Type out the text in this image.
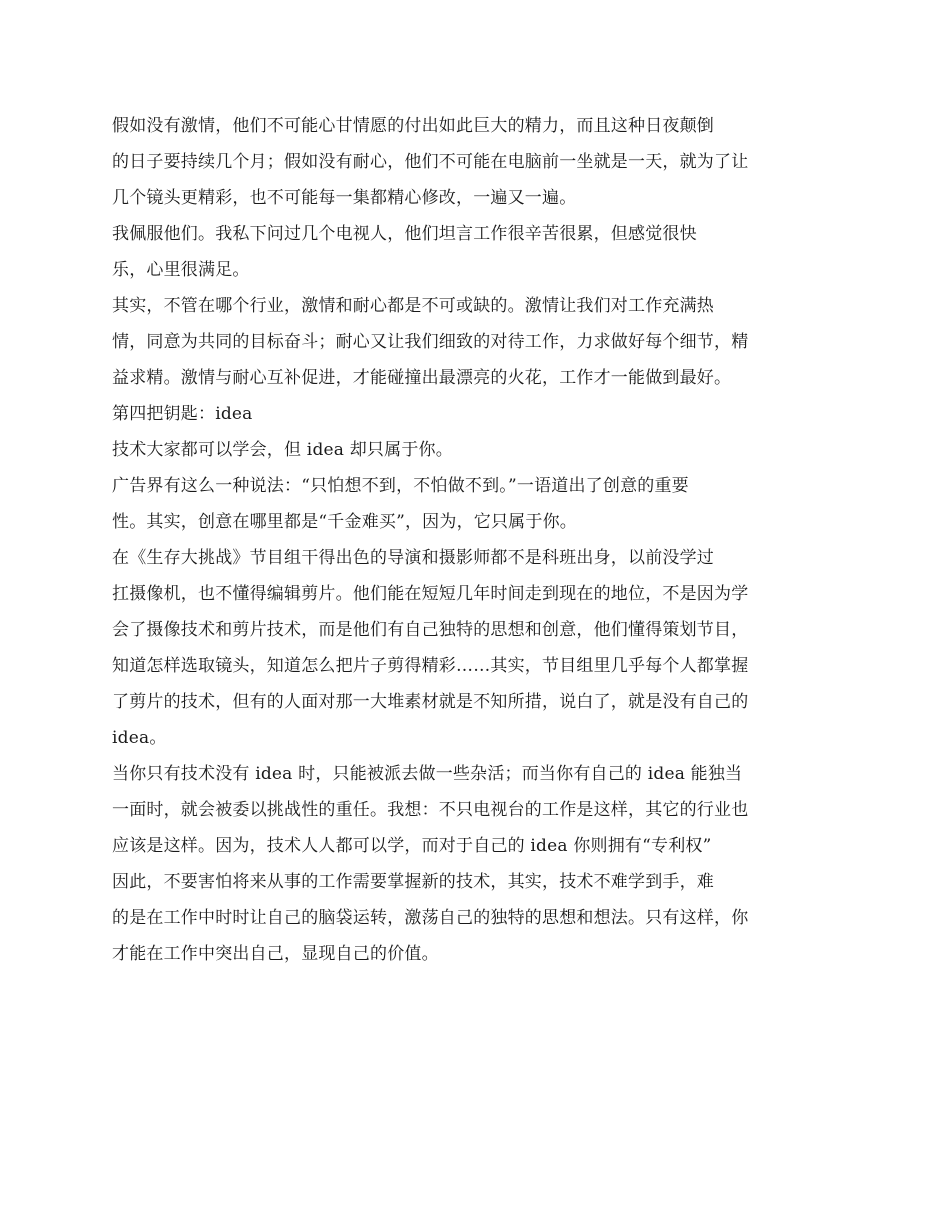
假如没有激情，他们不可能心甘情愿的付出如此巨大的精力，而且这种日夜颠倒
的日子要持续几个月；假如没有耐心，他们不可能在电脑前一坐就是一天，就为了让
几个镜头更精彩，也不可能每一集都精心修改，一遍又一遍。
我佩服他们。我私下问过几个电视人，他们坦言工作很辛苦很累，但感觉很快
乐，心里很满足。
其实，不管在哪个行业，激情和耐心都是不可或缺的。激情让我们对工作充满热
情，同意为共同的目标奋斗；耐心又让我们细致的对待工作，力求做好每个细节，精
益求精。激情与耐心互补促进，才能碰撞出最漂亮的火花，工作才一能做到最好。
第四把钥匙：idea
技术大家都可以学会，但 idea 却只属于你。
广告界有这么一种说法：“只怕想不到，不怕做不到。”一语道出了创意的重要
性。其实，创意在哪里都是“千金难买”，因为，它只属于你。
在《生存大挑战》节目组干得出色的导演和摄影师都不是科班出身，以前没学过
扛摄像机，也不懂得编辑剪片。他们能在短短几年时间走到现在的地位，不是因为学
会了摄像技术和剪片技术，而是他们有自己独特的思想和创意，他们懂得策划节目，
知道怎样选取镜头，知道怎么把片子剪得精彩……其实，节目组里几乎每个人都掌握
了剪片的技术，但有的人面对那一大堆素材就是不知所措，说白了，就是没有自己的
idea。
当你只有技术没有 idea 时，只能被派去做一些杂活；而当你有自己的 idea 能独当
一面时，就会被委以挑战性的重任。我想：不只电视台的工作是这样，其它的行业也
应该是这样。因为，技术人人都可以学，而对于自己的 idea 你则拥有“专利权”
因此，不要害怕将来从事的工作需要掌握新的技术，其实，技术不难学到手，难
的是在工作中时时让自己的脑袋运转，激荡自己的独特的思想和想法。只有这样，你
才能在工作中突出自己，显现自己的价值。
